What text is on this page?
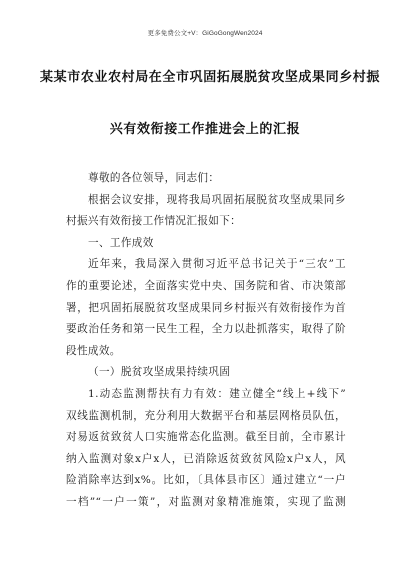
更多免费公文+V：GiGoGongWen2024
某某市农业农村局在全市巩固拓展脱贫攻坚成果同乡村振
兴有效衔接工作推进会上的汇报
尊敬的各位领导，同志们：
根据会议安排，现将我局巩固拓展脱贫攻坚成果同乡
村振兴有效衔接工作情况汇报如下：
一、工作成效
近年来，我局深入贯彻习近平总书记关于“三农”工
作的重要论述，全面落实党中央、国务院和省、市决策部
署，把巩固拓展脱贫攻坚成果同乡村振兴有效衔接作为首
要政治任务和第一民生工程，全力以赴抓落实，取得了阶
段性成效。
（一）脱贫攻坚成果持续巩固
1.动态监测帮扶有力有效：建立健全“线上+线下”
双线监测机制，充分利用大数据平台和基层网格员队伍，
对易返贫致贫人口实施常态化监测。截至目前，全市累计
纳入监测对象x户x人，已消除返贫致贫风险x户x人，风
险消除率达到x%。比如，〔具体县市区〕通过建立“一户
一档”“一户一策”，对监测对象精准施策，实现了监测
